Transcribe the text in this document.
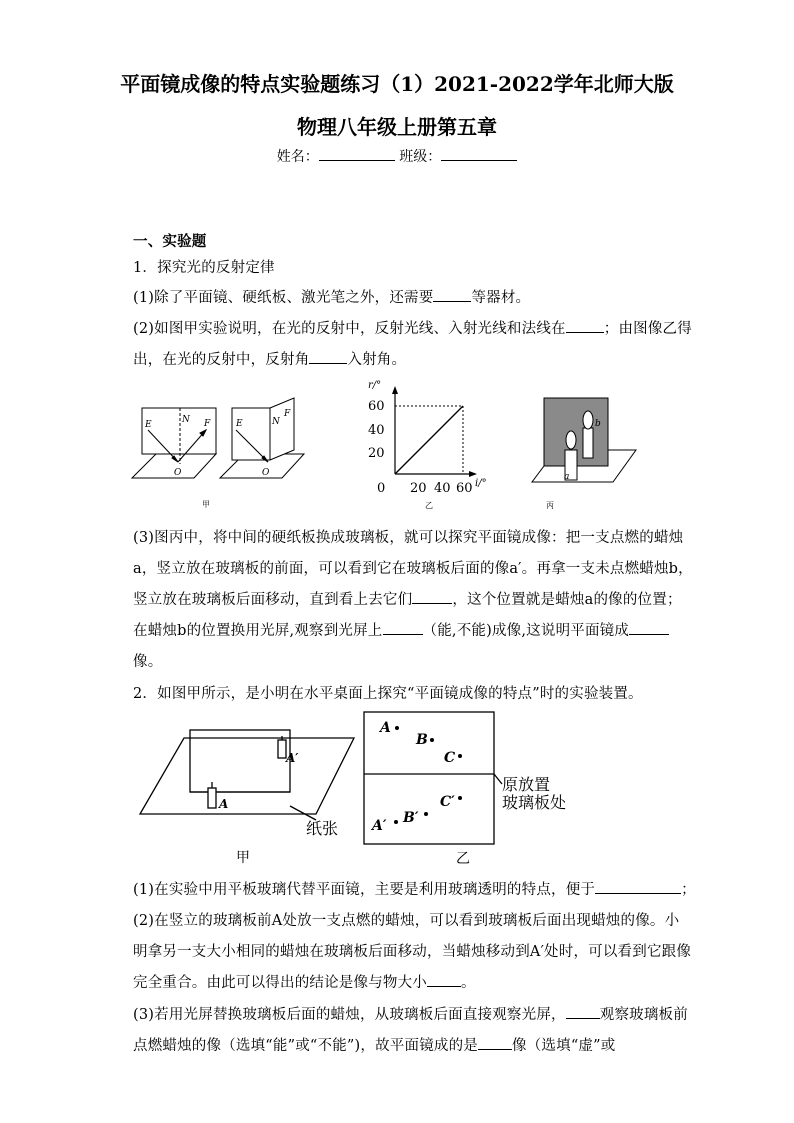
平面镜成像的特点实验题练习（1）2021-2022学年北师大版
物理八年级上册第五章
姓名：	班级：
一、实验题
1．探究光的反射定律
(1)除了平面镜、硬纸板、激光笔之外，还需要	等器材。
(2)如图甲实验说明，在光的反射中，反射光线、入射光线和法线在	；由图像乙得
出，在光的反射中，反射角	入射角。
E	N F
O
E	N
F
O
甲
r/°
i/°
60
40
20
0 20 40 60
乙
a
b
丙
(3)图丙中，将中间的硬纸板换成玻璃板，就可以探究平面镜成像：把一支点燃的蜡烛
a，竖立放在玻璃板的前面，可以看到它在玻璃板后面的像a′。再拿一支未点燃蜡烛b，
竖立放在玻璃板后面移动，直到看上去它们	，这个位置就是蜡烛a的像的位置；
在蜡烛b的位置换用光屏,观察到光屏上	（能,不能)成像,这说明平面镜成
像。
2．如图甲所示，是小明在水平桌面上探究“平面镜成像的特点”时的实验装置。
A′
A
纸张
甲
A
B
C
A′ B′
C′
原放置
玻璃板处
乙
(1)在实验中用平板玻璃代替平面镜，主要是利用玻璃透明的特点，便于	；
(2)在竖立的玻璃板前A处放一支点燃的蜡烛，可以看到玻璃板后面出现蜡烛的像。小
明拿另一支大小相同的蜡烛在玻璃板后面移动，当蜡烛移动到A′处时，可以看到它跟像
完全重合。由此可以得出的结论是像与物大小 。
(3)若用光屏替换玻璃板后面的蜡烛，从玻璃板后面直接观察光屏， 观察玻璃板前
点燃蜡烛的像（选填“能”或“不能”)，故平面镜成的是 像（选填“虚”或
